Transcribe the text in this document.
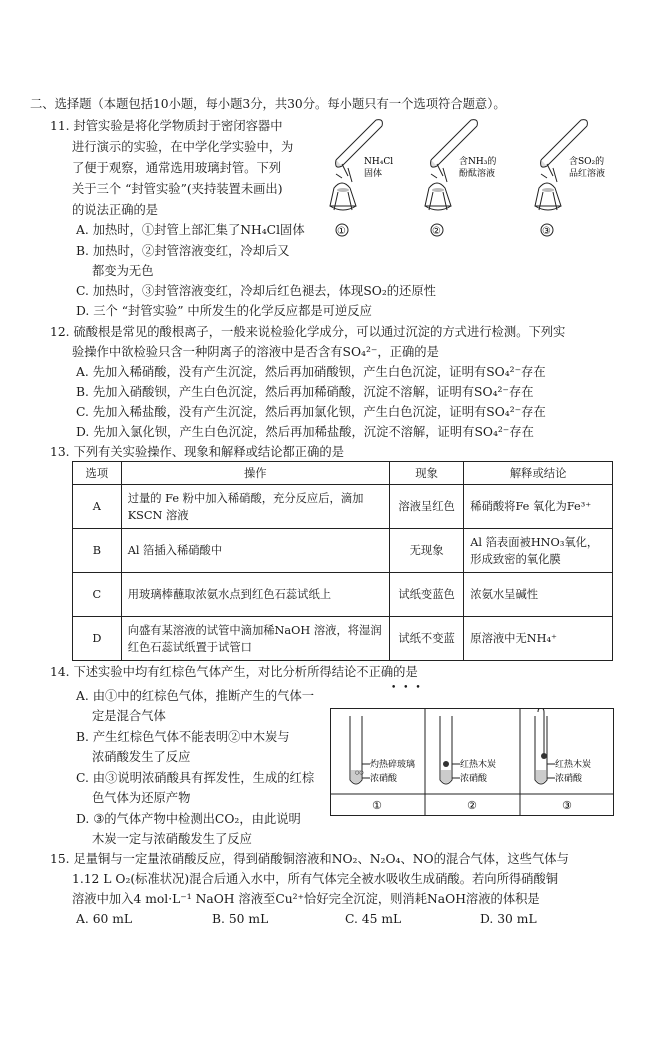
二、选择题（本题包括10小题，每小题3分，共30分。每小题只有一个选项符合题意）。
11. 封管实验是将化学物质封于密闭容器中
进行演示的实验，在中学化学实验中，为
了便于观察，通常选用玻璃封管。下列
关于三个 “封管实验”(夹持装置未画出)
的说法正确的是
A. 加热时，①封管上部汇集了NH₄Cl固体
B. 加热时，②封管溶液变红，冷却后又
都变为无色
C. 加热时，③封管溶液变红，冷却后红色褪去，体现SO₂的还原性
D. 三个 “封管实验” 中所发生的化学反应都是可逆反应
NH₄Cl
固体
①
含NH₃的
酚酞溶液
②
含SO₂的
品红溶液
③
12. 硫酸根是常见的酸根离子，一般来说检验化学成分，可以通过沉淀的方式进行检测。下列实
验操作中欲检验只含一种阴离子的溶液中是否含有SO₄²⁻，正确的是
A. 先加入稀硝酸，没有产生沉淀，然后再加硝酸钡，产生白色沉淀，证明有SO₄²⁻存在
B. 先加入硝酸钡，产生白色沉淀，然后再加稀硝酸，沉淀不溶解，证明有SO₄²⁻存在
C. 先加入稀盐酸，没有产生沉淀，然后再加氯化钡，产生白色沉淀，证明有SO₄²⁻存在
D. 先加入氯化钡，产生白色沉淀，然后再加稀盐酸，沉淀不溶解，证明有SO₄²⁻存在
13. 下列有关实验操作、现象和解释或结论都正确的是
选项	操作	现象	解释或结论
A	过量的 Fe 粉中加入稀硝酸，充分反应后，滴加 KSCN 溶液	溶液呈红色	稀硝酸将Fe 氧化为Fe³⁺
B	Al 箔插入稀硝酸中	无现象	Al 箔表面被HNO₃氧化，形成致密的氧化膜
C	用玻璃棒蘸取浓氨水点到红色石蕊试纸上	试纸变蓝色	浓氨水呈碱性
D	向盛有某溶液的试管中滴加稀NaOH 溶液，将湿润红色石蕊试纸置于试管口	试纸不变蓝	原溶液中无NH₄⁺
14. 下述实验中均有红棕色气体产生，对比分析所得结论不正确的是
• • •
A. 由①中的红棕色气体，推断产生的气体一
定是混合气体
B. 产生红棕色气体不能表明②中木炭与
浓硝酸发生了反应
C. 由③说明浓硝酸具有挥发性，生成的红棕
色气体为还原产物
D. ③的气体产物中检测出CO₂，由此说明
木炭一定与浓硝酸发生了反应
○○
灼热碎玻璃
浓硝酸
①
红热木炭
浓硝酸
②
红热木炭
浓硝酸
③
15. 足量铜与一定量浓硝酸反应，得到硝酸铜溶液和NO₂、N₂O₄、NO的混合气体，这些气体与
1.12 L O₂(标准状况)混合后通入水中，所有气体完全被水吸收生成硝酸。若向所得硝酸铜
溶液中加入4 mol·L⁻¹ NaOH 溶液至Cu²⁺恰好完全沉淀，则消耗NaOH溶液的体积是
A. 60 mL	B. 50 mL	C. 45 mL	D. 30 mL
